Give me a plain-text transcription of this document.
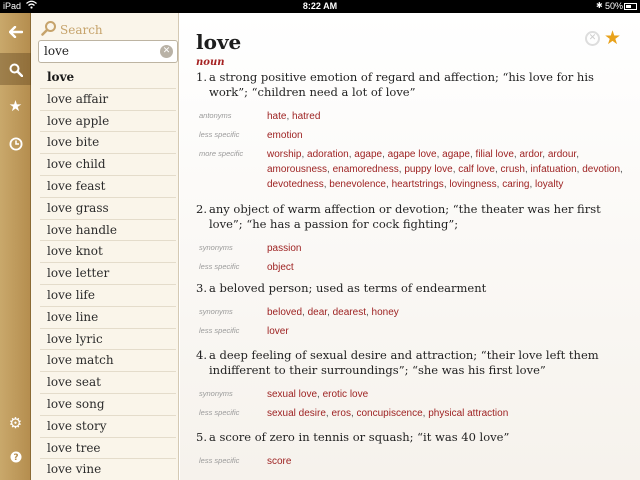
iPad	8:22 AM	✱ 50%
★
⚙
?
Search
love	✕
love
love affair
love apple
love bite
love child
love feast
love grass
love handle
love knot
love letter
love life
love line
love lyric
love match
love seat
love song
love story
love tree
love vine
love
noun
✕ ★
1. a strong positive emotion of regard and affection; “his love for his work”; “children need a lot of love”
antonyms	hate, hatred
less specific	emotion
more specific	worship, adoration, agape, agape love, agape, filial love, ardor, ardour, amorousness, enamoredness, puppy love, calf love, crush, infatuation, devotion, devotedness, benevolence, heartstrings, lovingness, caring, loyalty
2. any object of warm affection or devotion; “the theater was her first love”; “he has a passion for cock fighting”;
synonyms	passion
less specific	object
3. a beloved person; used as terms of endearment
synonyms	beloved, dear, dearest, honey
less specific	lover
4. a deep feeling of sexual desire and attraction; “their love left them indifferent to their surroundings”; “she was his first love”
synonyms	sexual love, erotic love
less specific	sexual desire, eros, concupiscence, physical attraction
5. a score of zero in tennis or squash; “it was 40 love”
less specific	score
